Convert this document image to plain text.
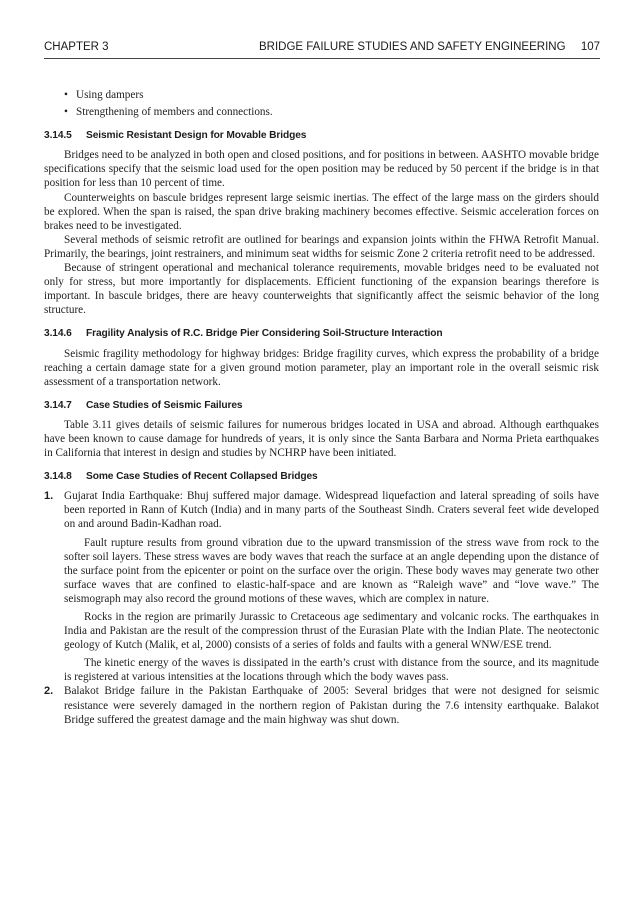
CHAPTER 3	BRIDGE FAILURE STUDIES AND SAFETY ENGINEERING 107
• Using dampers
• Strengthening of members and connections.
3.14.5 Seismic Resistant Design for Movable Bridges

Bridges need to be analyzed in both open and closed positions, and for positions in between. AASHTO movable bridge specifications specify that the seismic load used for the open position may be reduced by 50 percent if the bridge is in that position for less than 10 percent of time.

Counterweights on bascule bridges represent large seismic inertias. The effect of the large mass on the girders should be explored. When the span is raised, the span drive braking machinery becomes effective. Seismic acceleration forces on brakes need to be investigated.

Several methods of seismic retrofit are outlined for bearings and expansion joints within the FHWA Retrofit Manual. Primarily, the bearings, joint restrainers, and minimum seat widths for seismic Zone 2 criteria retrofit need to be addressed.

Because of stringent operational and mechanical tolerance requirements, movable bridges need to be evaluated not only for stress, but more importantly for displacements. Efficient functioning of the expansion bearings therefore is important. In bascule bridges, there are heavy counterweights that significantly affect the seismic behavior of the long structure.

3.14.6 Fragility Analysis of R.C. Bridge Pier Considering Soil-Structure Interaction

Seismic fragility methodology for highway bridges: Bridge fragility curves, which express the probability of a bridge reaching a certain damage state for a given ground motion parameter, play an important role in the overall seismic risk assessment of a transportation network.

3.14.7 Case Studies of Seismic Failures

Table 3.11 gives details of seismic failures for numerous bridges located in USA and abroad. Although earthquakes have been known to cause damage for hundreds of years, it is only since the Santa Barbara and Norma Prieta earthquakes in California that interest in design and studies by NCHRP have been initiated.

3.14.8 Some Case Studies of Recent Collapsed Bridges
1. Gujarat India Earthquake: Bhuj suffered major damage. Widespread liquefaction and lateral spreading of soils have been reported in Rann of Kutch (India) and in many parts of the Southeast Sindh. Craters several feet wide developed on and around Badin-Kadhan road.

Fault rupture results from ground vibration due to the upward transmission of the stress wave from rock to the softer soil layers. These stress waves are body waves that reach the surface at an angle depending upon the distance of the surface point from the epicenter or point on the surface over the origin. These body waves may generate two other surface waves that are confined to elastic-half-space and are known as “Raleigh wave” and “love wave.” The seismograph may also record the ground motions of these waves, which are complex in nature.

Rocks in the region are primarily Jurassic to Cretaceous age sedimentary and volcanic rocks. The earthquakes in India and Pakistan are the result of the compression thrust of the Eurasian Plate with the Indian Plate. The neotectonic geology of Kutch (Malik, et al, 2000) consists of a series of folds and faults with a general WNW/ESE trend.

The kinetic energy of the waves is dissipated in the earth’s crust with distance from the source, and its magnitude is registered at various intensities at the locations through which the body waves pass.

2. Balakot Bridge failure in the Pakistan Earthquake of 2005: Several bridges that were not designed for seismic resistance were severely damaged in the northern region of Pakistan during the 7.6 intensity earthquake. Balakot Bridge suffered the greatest damage and the main highway was shut down.
